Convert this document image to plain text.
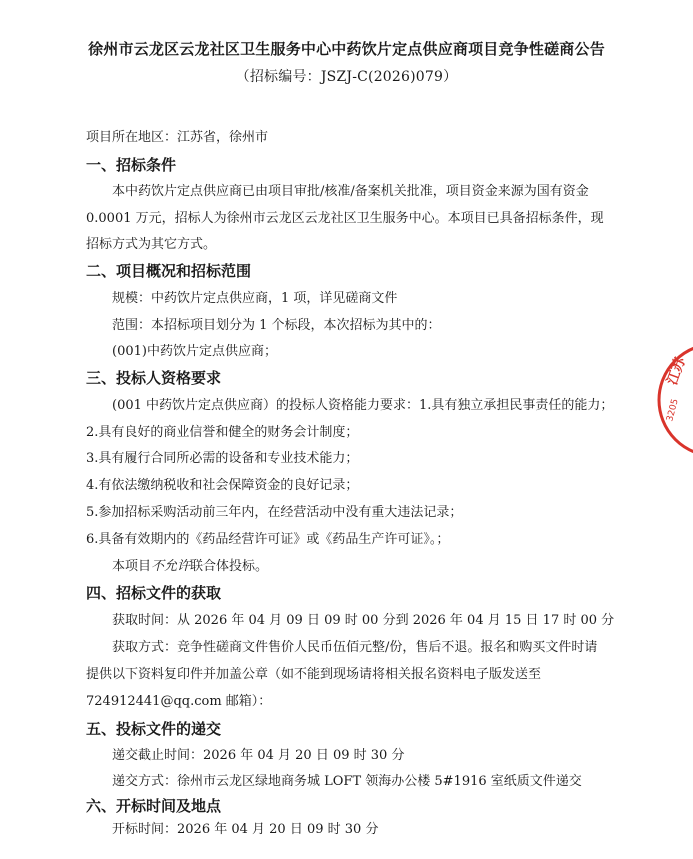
徐州市云龙区云龙社区卫生服务中心中药饮片定点供应商项目竞争性磋商公告
（招标编号：JSZJ-C(2026)079）
项目所在地区：江苏省，徐州市
一、招标条件
本中药饮片定点供应商已由项目审批/核准/备案机关批准，项目资金来源为国有资金
0.0001 万元，招标人为徐州市云龙区云龙社区卫生服务中心。本项目已具备招标条件，现
招标方式为其它方式。
二、项目概况和招标范围
规模：中药饮片定点供应商，1 项，详见磋商文件
范围：本招标项目划分为 1 个标段，本次招标为其中的：
(001)中药饮片定点供应商；
三、投标人资格要求
(001 中药饮片定点供应商）的投标人资格能力要求：1.具有独立承担民事责任的能力；
2.具有良好的商业信誉和健全的财务会计制度；
3.具有履行合同所必需的设备和专业技术能力；
4.有依法缴纳税收和社会保障资金的良好记录；
5.参加招标采购活动前三年内，在经营活动中没有重大违法记录；
6.具备有效期内的《药品经营许可证》或《药品生产许可证》。；
本项目不允许联合体投标。
四、招标文件的获取
获取时间：从 2026 年 04 月 09 日 09 时 00 分到 2026 年 04 月 15 日 17 时 00 分
获取方式：竞争性磋商文件售价人民币伍佰元整/份，售后不退。报名和购买文件时请
提供以下资料复印件并加盖公章（如不能到现场请将相关报名资料电子版发送至
724912441@qq.com 邮箱）：
五、投标文件的递交
递交截止时间：2026 年 04 月 20 日 09 时 30 分
递交方式：徐州市云龙区绿地商务城 LOFT 领海办公楼 5#1916 室纸质文件递交
六、开标时间及地点
开标时间：2026 年 04 月 20 日 09 时 30 分
江苏
3205
